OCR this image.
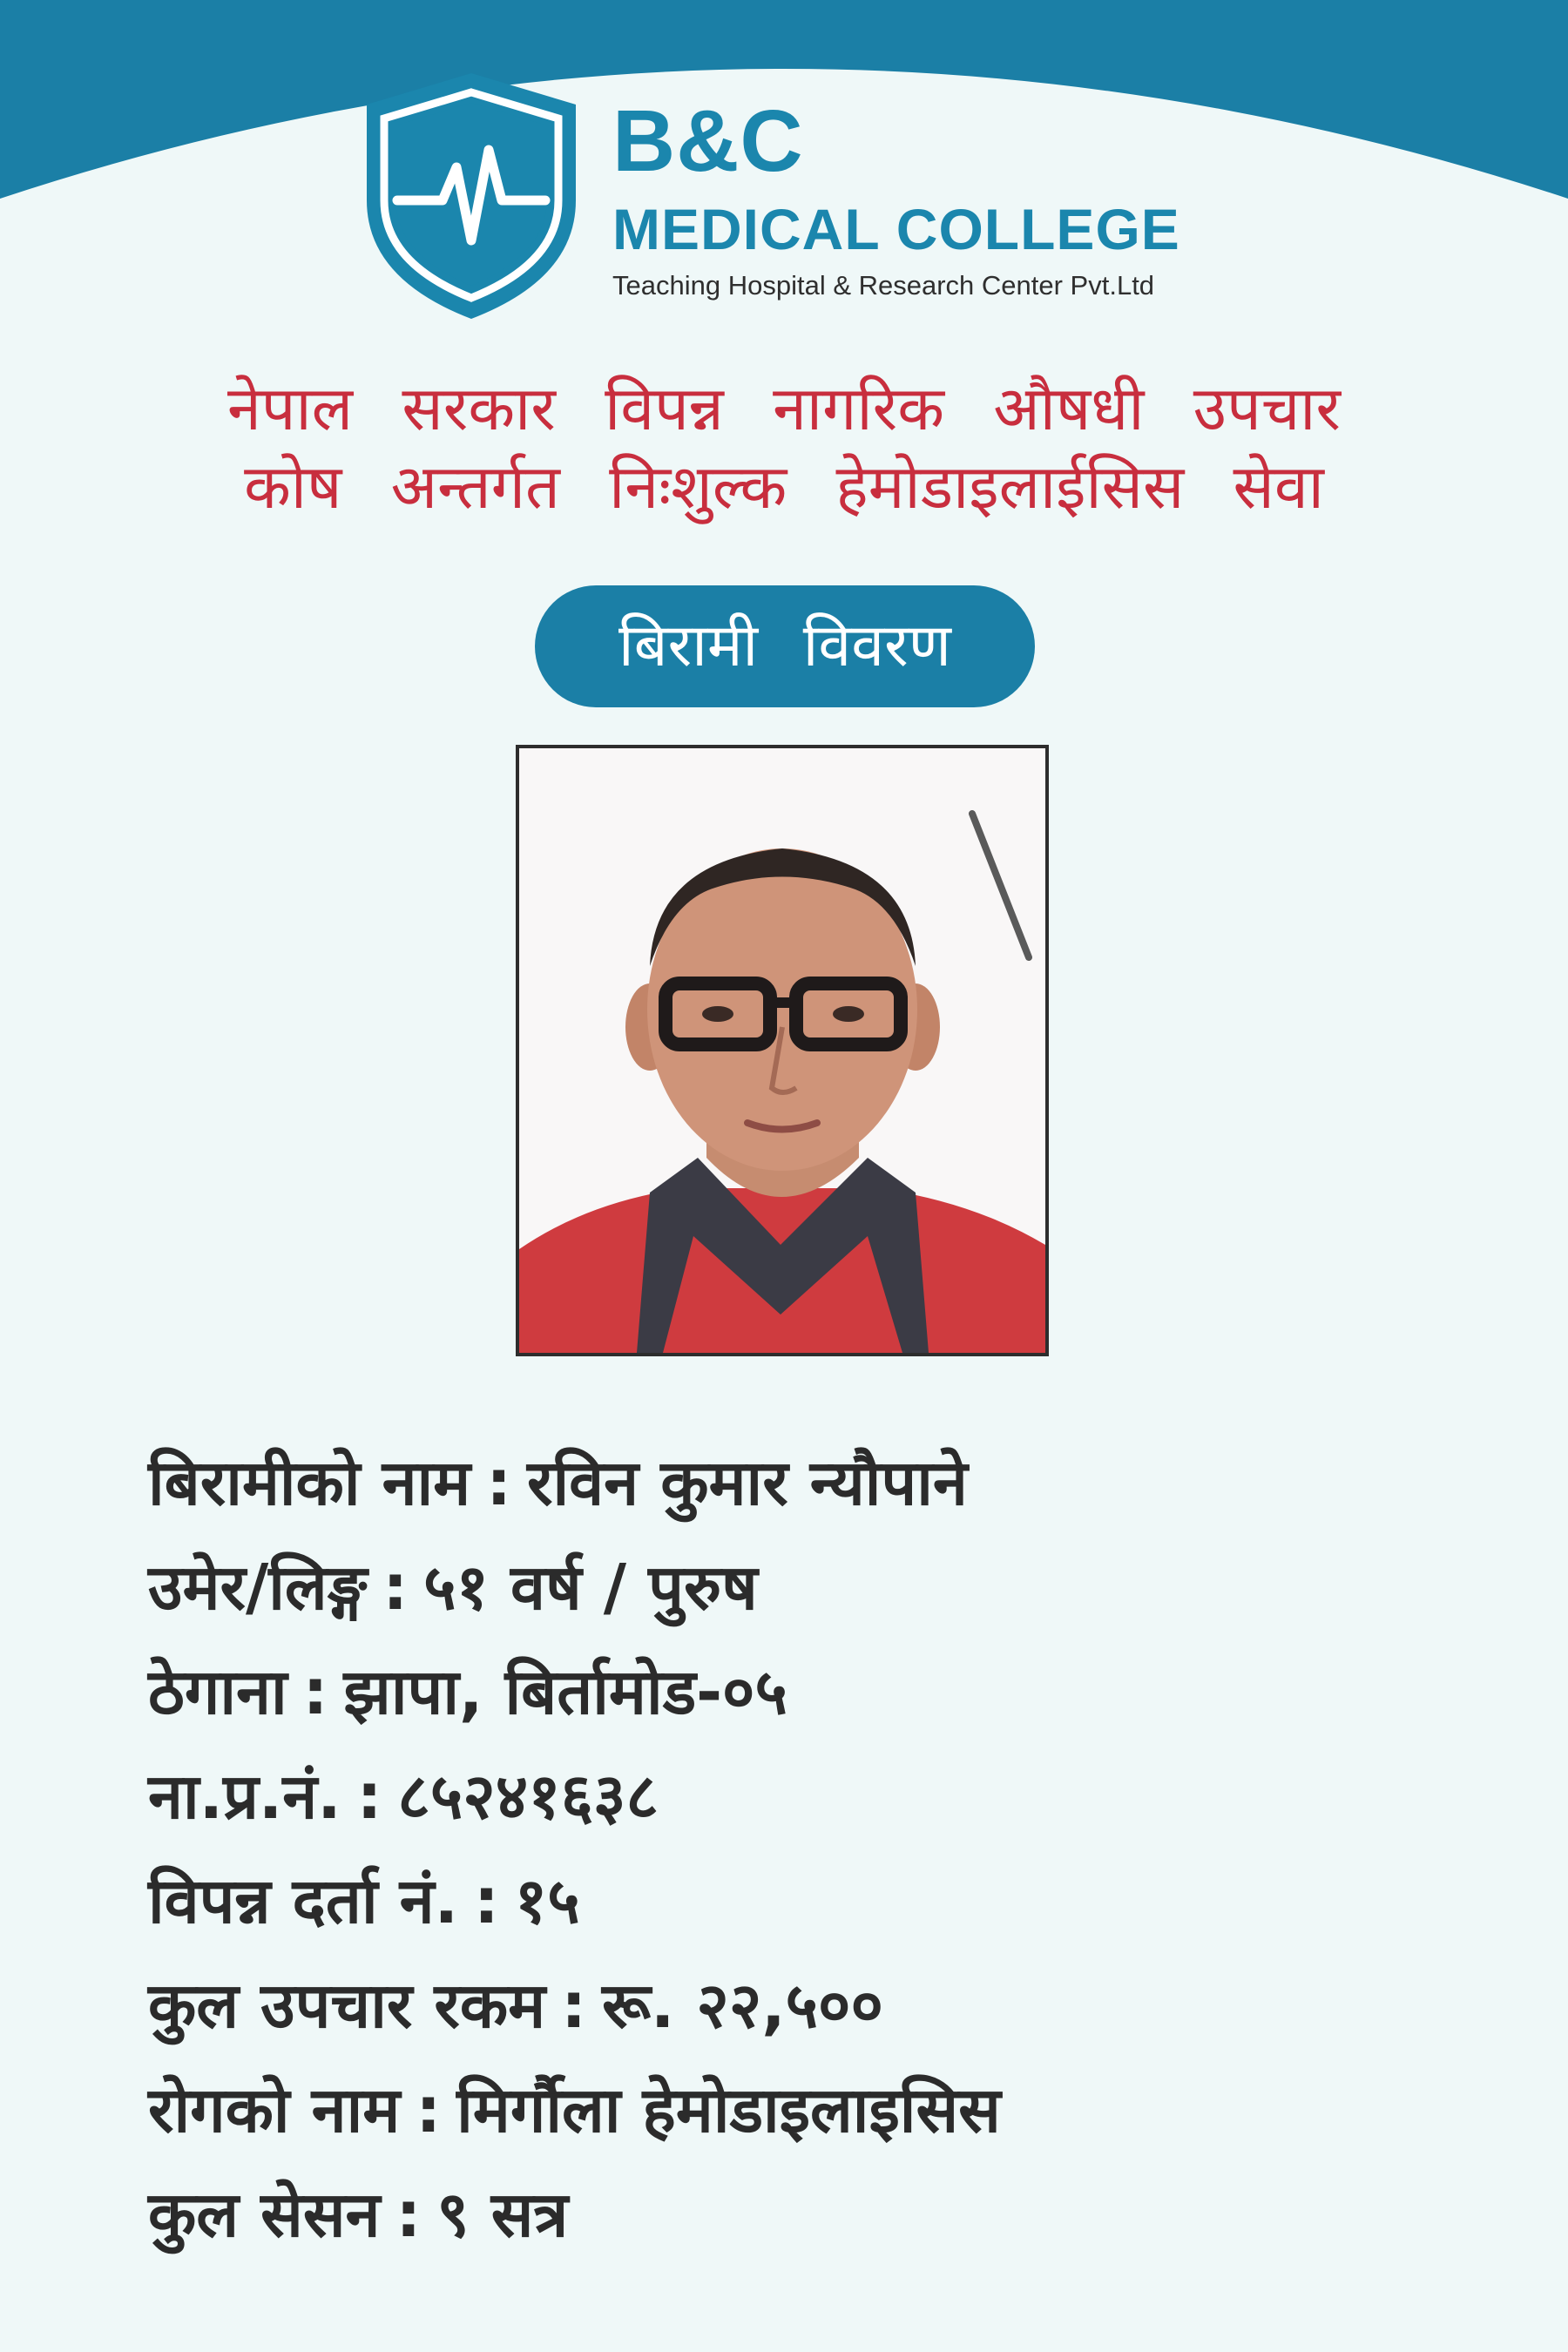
B&C
MEDICAL COLLEGE
Teaching Hospital & Research Center Pvt.Ltd
नेपाल सरकार विपन्न नागरिक औषधी उपचार
कोष अन्तर्गत निःशुल्क हेमोडाइलाईसिस सेवा
बिरामी विवरण
बिरामीको नाम : रविन कुमार न्यौपाने
उमेर/लिङ्ग : ५१ वर्ष / पुरुष
ठेगाना : झापा, बिर्तामोड-०५
ना.प्र.नं. : ८५२४१६३८
विपन्न दर्ता नं. : १५
कुल उपचार रकम : रू. २२,५००
रोगको नाम : मिर्गौला हेमोडाइलाइसिस
कुल सेसन : ९ सत्र
